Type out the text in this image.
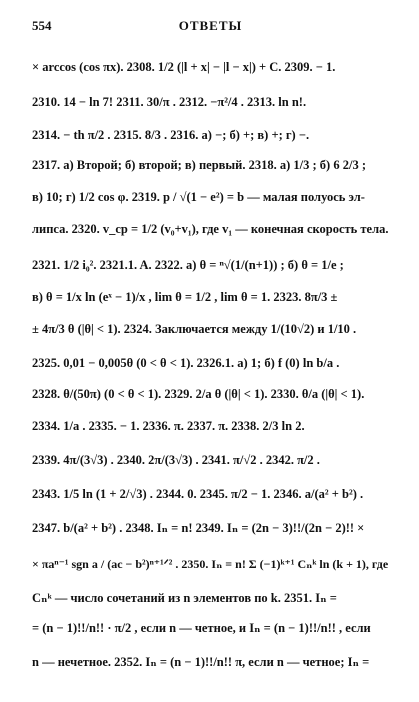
554	ОТВЕТЫ
× arccos (cos πx). 2308. 1/2 (|l + x| − |l − x|) + C. 2309. − 1.
2310. 14 − ln 7! 2311. 30/π . 2312. −π²/4 . 2313. ln n!.
2314. − th π/2 . 2315. 8/3 . 2316. а) −; б) +; в) +; г) −.
2317. а) Второй; б) второй; в) первый. 2318. а) 1/3 ; б) 6 2/3 ;
в) 10; г) 1/2 cos φ. 2319. p / √(1 − e²) = b — малая полуось эл-
липса. 2320. v_ср = 1/2 (v₀+v₁), где v₁ — конечная скорость тела.
2321. 1/2 i₀². 2321.1. A. 2322. а) θ = ⁿ√(1/(n+1)) ; б) θ = 1/e ;
в) θ = 1/x ln (eˣ − 1)/x , lim θ = 1/2 , lim θ = 1. 2323. 8π/3 ±
± 4π/3 θ (|θ| < 1). 2324. Заключается между 1/(10√2) и 1/10 .
2325. 0,01 − 0,005θ (0 < θ < 1). 2326.1. а) 1; б) f (0) ln b/a .
2328. θ/(50π) (0 < θ < 1). 2329. 2/a θ (|θ| < 1). 2330. θ/a (|θ| < 1).
2334. 1/a . 2335. − 1. 2336. π. 2337. π. 2338. 2/3 ln 2.
2339. 4π/(3√3) . 2340. 2π/(3√3) . 2341. π/√2 . 2342. π/2 .
2343. 1/5 ln (1 + 2/√3) . 2344. 0. 2345. π/2 − 1. 2346. a/(a² + b²) .
2347. b/(a² + b²) . 2348. Iₙ = n! 2349. Iₙ = (2n − 3)!!/(2n − 2)!! ×
× πaⁿ⁻¹ sgn a / (ac − b²)ⁿ⁺¹ᐟ² . 2350. Iₙ = n! Σ (−1)ᵏ⁺¹ Cₙᵏ ln (k + 1), где
Cₙᵏ — число сочетаний из n элементов по k. 2351. Iₙ =
= (n − 1)!!/n!! · π/2 , если n — четное, и Iₙ = (n − 1)!!/n!! , если
n — нечетное. 2352. Iₙ = (n − 1)!!/n!! π, если n — четное; Iₙ =
